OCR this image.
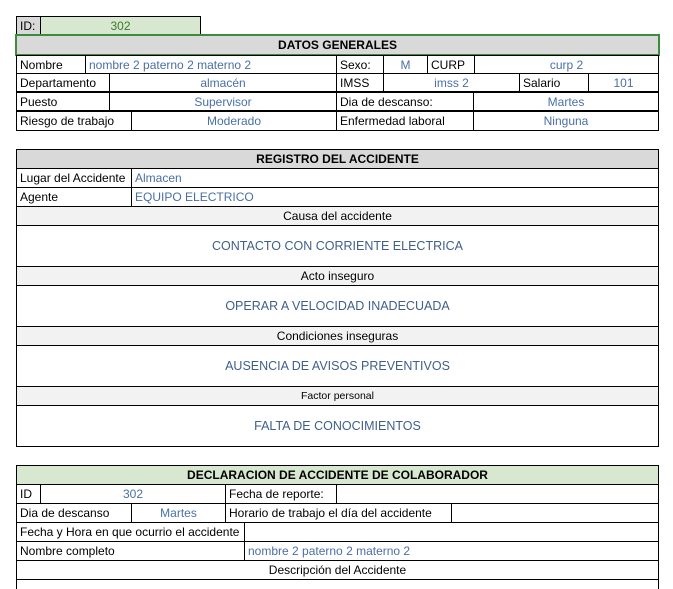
ID:	302
DATOS GENERALES
Nombre	nombre 2 paterno 2 materno 2	Sexo:	M	CURP	curp 2
Departamento	almacén	IMSS	imss 2	Salario	101
Puesto	Supervisor	Dia de descanso:	Martes
Riesgo de trabajo	Moderado	Enfermedad laboral	Ninguna
REGISTRO DEL ACCIDENTE
Lugar del Accidente Almacen
Agente	EQUIPO ELECTRICO
Causa del accidente
CONTACTO CON CORRIENTE ELECTRICA
Acto inseguro
OPERAR A VELOCIDAD INADECUADA
Condiciones inseguras
AUSENCIA DE AVISOS PREVENTIVOS
Factor personal
FALTA DE CONOCIMIENTOS
DECLARACION DE ACCIDENTE DE COLABORADOR
ID	302	Fecha de reporte:
Dia de descanso	Martes	Horario de trabajo el día del accidente
Fecha y Hora en que ocurrio el accidente
Nombre completo	nombre 2 paterno 2 materno 2
Descripción del Accidente
